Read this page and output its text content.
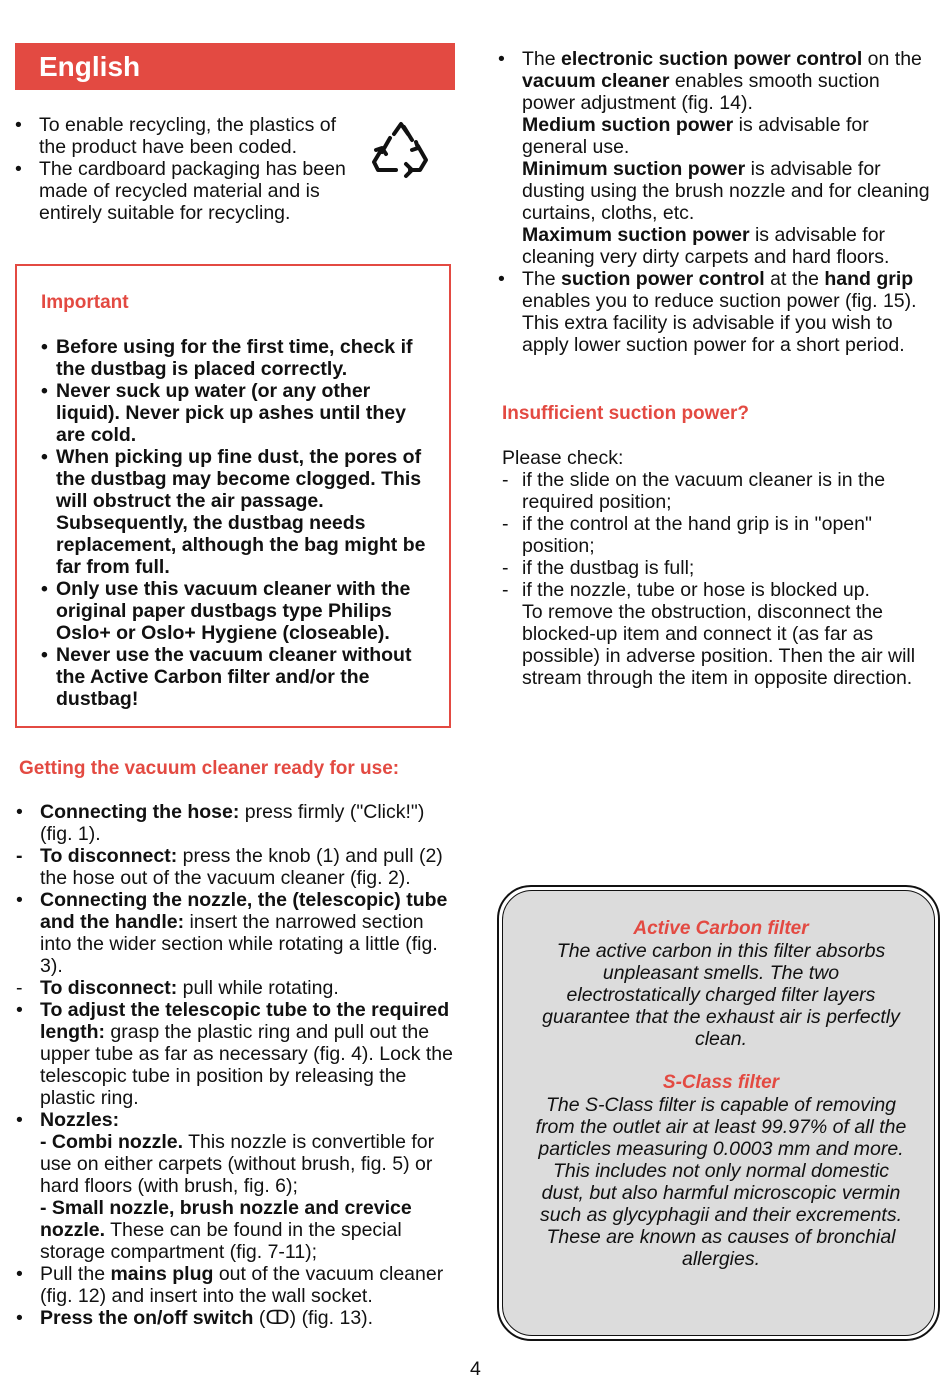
English
• To enable recycling, the plastics of the product have been coded.
• The cardboard packaging has been made of recycled material and is entirely suitable for recycling.
Important
• Before using for the first time, check if the dustbag is placed correctly.
• Never suck up water (or any other liquid). Never pick up ashes until they are cold.
• When picking up fine dust, the pores of the dustbag may become clogged. This will obstruct the air passage. Subsequently, the dustbag needs replacement, although the bag might be far from full.
• Only use this vacuum cleaner with the original paper dustbags type Philips Oslo+ or Oslo+ Hygiene (closeable).
• Never use the vacuum cleaner without the Active Carbon filter and/or the dustbag!
Getting the vacuum cleaner ready for use:
• Connecting the hose: press firmly ("Click!") (fig. 1).
- To disconnect: press the knob (1) and pull (2) the hose out of the vacuum cleaner (fig. 2).
• Connecting the nozzle, the (telescopic) tube and the handle: insert the narrowed section into the wider section while rotating a little (fig. 3).
- To disconnect: pull while rotating.
• To adjust the telescopic tube to the required length: grasp the plastic ring and pull out the upper tube as far as necessary (fig. 4). Lock the telescopic tube in position by releasing the plastic ring.
• Nozzles:
- Combi nozzle. This nozzle is convertible for use on either carpets (without brush, fig. 5) or hard floors (with brush, fig. 6);
- Small nozzle, brush nozzle and crevice nozzle. These can be found in the special storage compartment (fig. 7-11);
• Pull the mains plug out of the vacuum cleaner (fig. 12) and insert into the wall socket.
• Press the on/off switch (ↀ) (fig. 13).
• The electronic suction power control on the vacuum cleaner enables smooth suction power adjustment (fig. 14).
Medium suction power is advisable for general use.
Minimum suction power is advisable for dusting using the brush nozzle and for cleaning curtains, cloths, etc.
Maximum suction power is advisable for cleaning very dirty carpets and hard floors.
• The suction power control at the hand grip enables you to reduce suction power (fig. 15). This extra facility is advisable if you wish to apply lower suction power for a short period.
Insufficient suction power?
Please check:
- if the slide on the vacuum cleaner is in the required position;
- if the control at the hand grip is in "open" position;
- if the dustbag is full;
- if the nozzle, tube or hose is blocked up.
To remove the obstruction, disconnect the blocked-up item and connect it (as far as possible) in adverse position. Then the air will stream through the item in opposite direction.
Active Carbon filter
The active carbon in this filter absorbs unpleasant smells. The two electrostatically charged filter layers guarantee that the exhaust air is perfectly clean.
S-Class filter
The S-Class filter is capable of removing from the outlet air at least 99.97% of all the particles measuring 0.0003 mm and more.
This includes not only normal domestic dust, but also harmful microscopic vermin such as glycyphagii and their excrements. These are known as causes of bronchial allergies.
4
